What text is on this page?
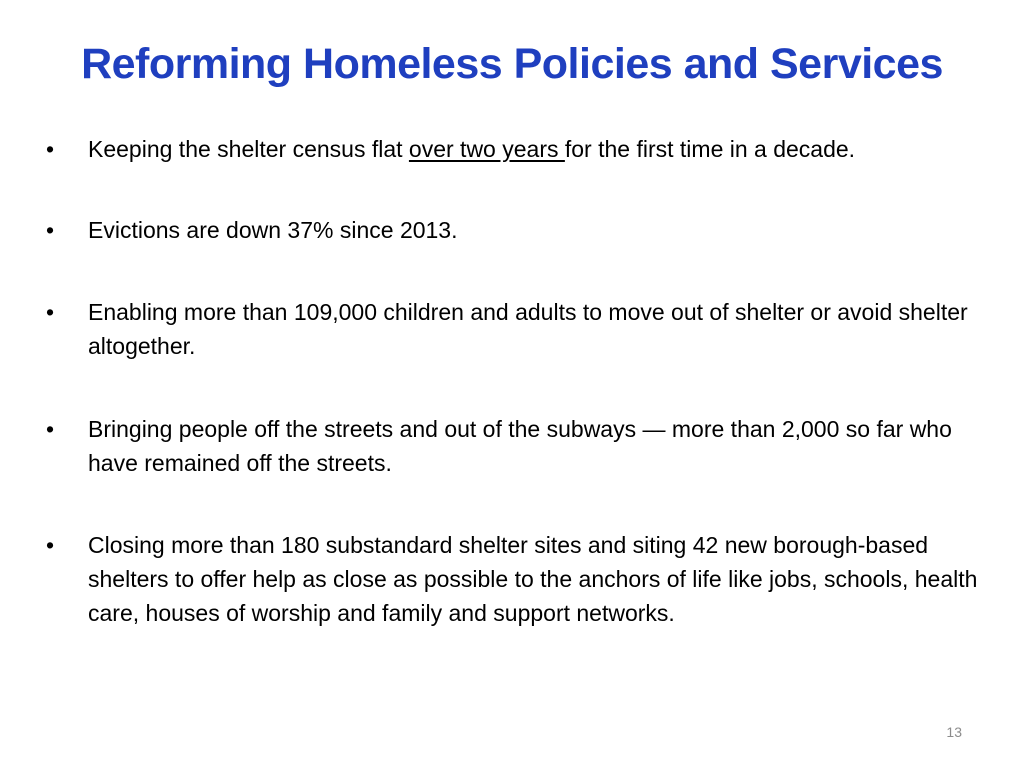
Reforming Homeless Policies and Services
•	Keeping the shelter census flat over two years for the first time in a decade.
•	Evictions are down 37% since 2013.
•	Enabling more than 109,000 children and adults to move out of shelter or avoid shelter altogether.
•	Bringing people off the streets and out of the subways — more than 2,000 so far who have remained off the streets.
•	Closing more than 180 substandard shelter sites and siting 42 new borough-based shelters to offer help as close as possible to the anchors of life like jobs, schools, health care, houses of worship and family and support networks.
13
